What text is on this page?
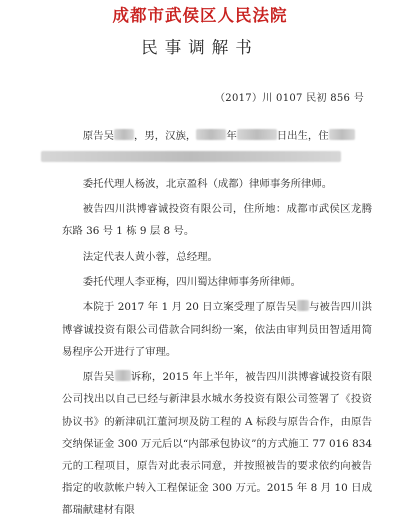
成都市武侯区人民法院
民事调解书
（2017）川 0107 民初 856 号

原告吴 ，男，汉族，	年	日出生，住

委托代理人杨波，北京盈科（成都）律师事务所律师。

被告四川洪博睿诚投资有限公司，住所地：成都市武侯区龙腾东路 36 号 1 栋 9 层 8 号。

法定代表人黄小蓉，总经理。

委托代理人李亚梅，四川蜀达律师事务所律师。

本院于 2017 年 1 月 20 日立案受理了原告吴 与被告四川洪博睿诚投资有限公司借款合同纠纷一案，依法由审判员田智适用简易程序公开进行了审理。

原告吴 诉称，2015 年上半年，被告四川洪博睿诚投资有限公司找出以自己已经与新津县水城水务投资有限公司签署了《投资协议书》的新津矶江董河坝及防工程的 A 标段与原告合作，由原告交纳保证金 300 万元后以“内部承包协议”的方式施工 77 016 834 元的工程项目，原告对此表示同意，并按照被告的要求依约向被告指定的收款帐户转入工程保证金 300 万元。2015 年 8 月 10 日成都瑞献建材有限
